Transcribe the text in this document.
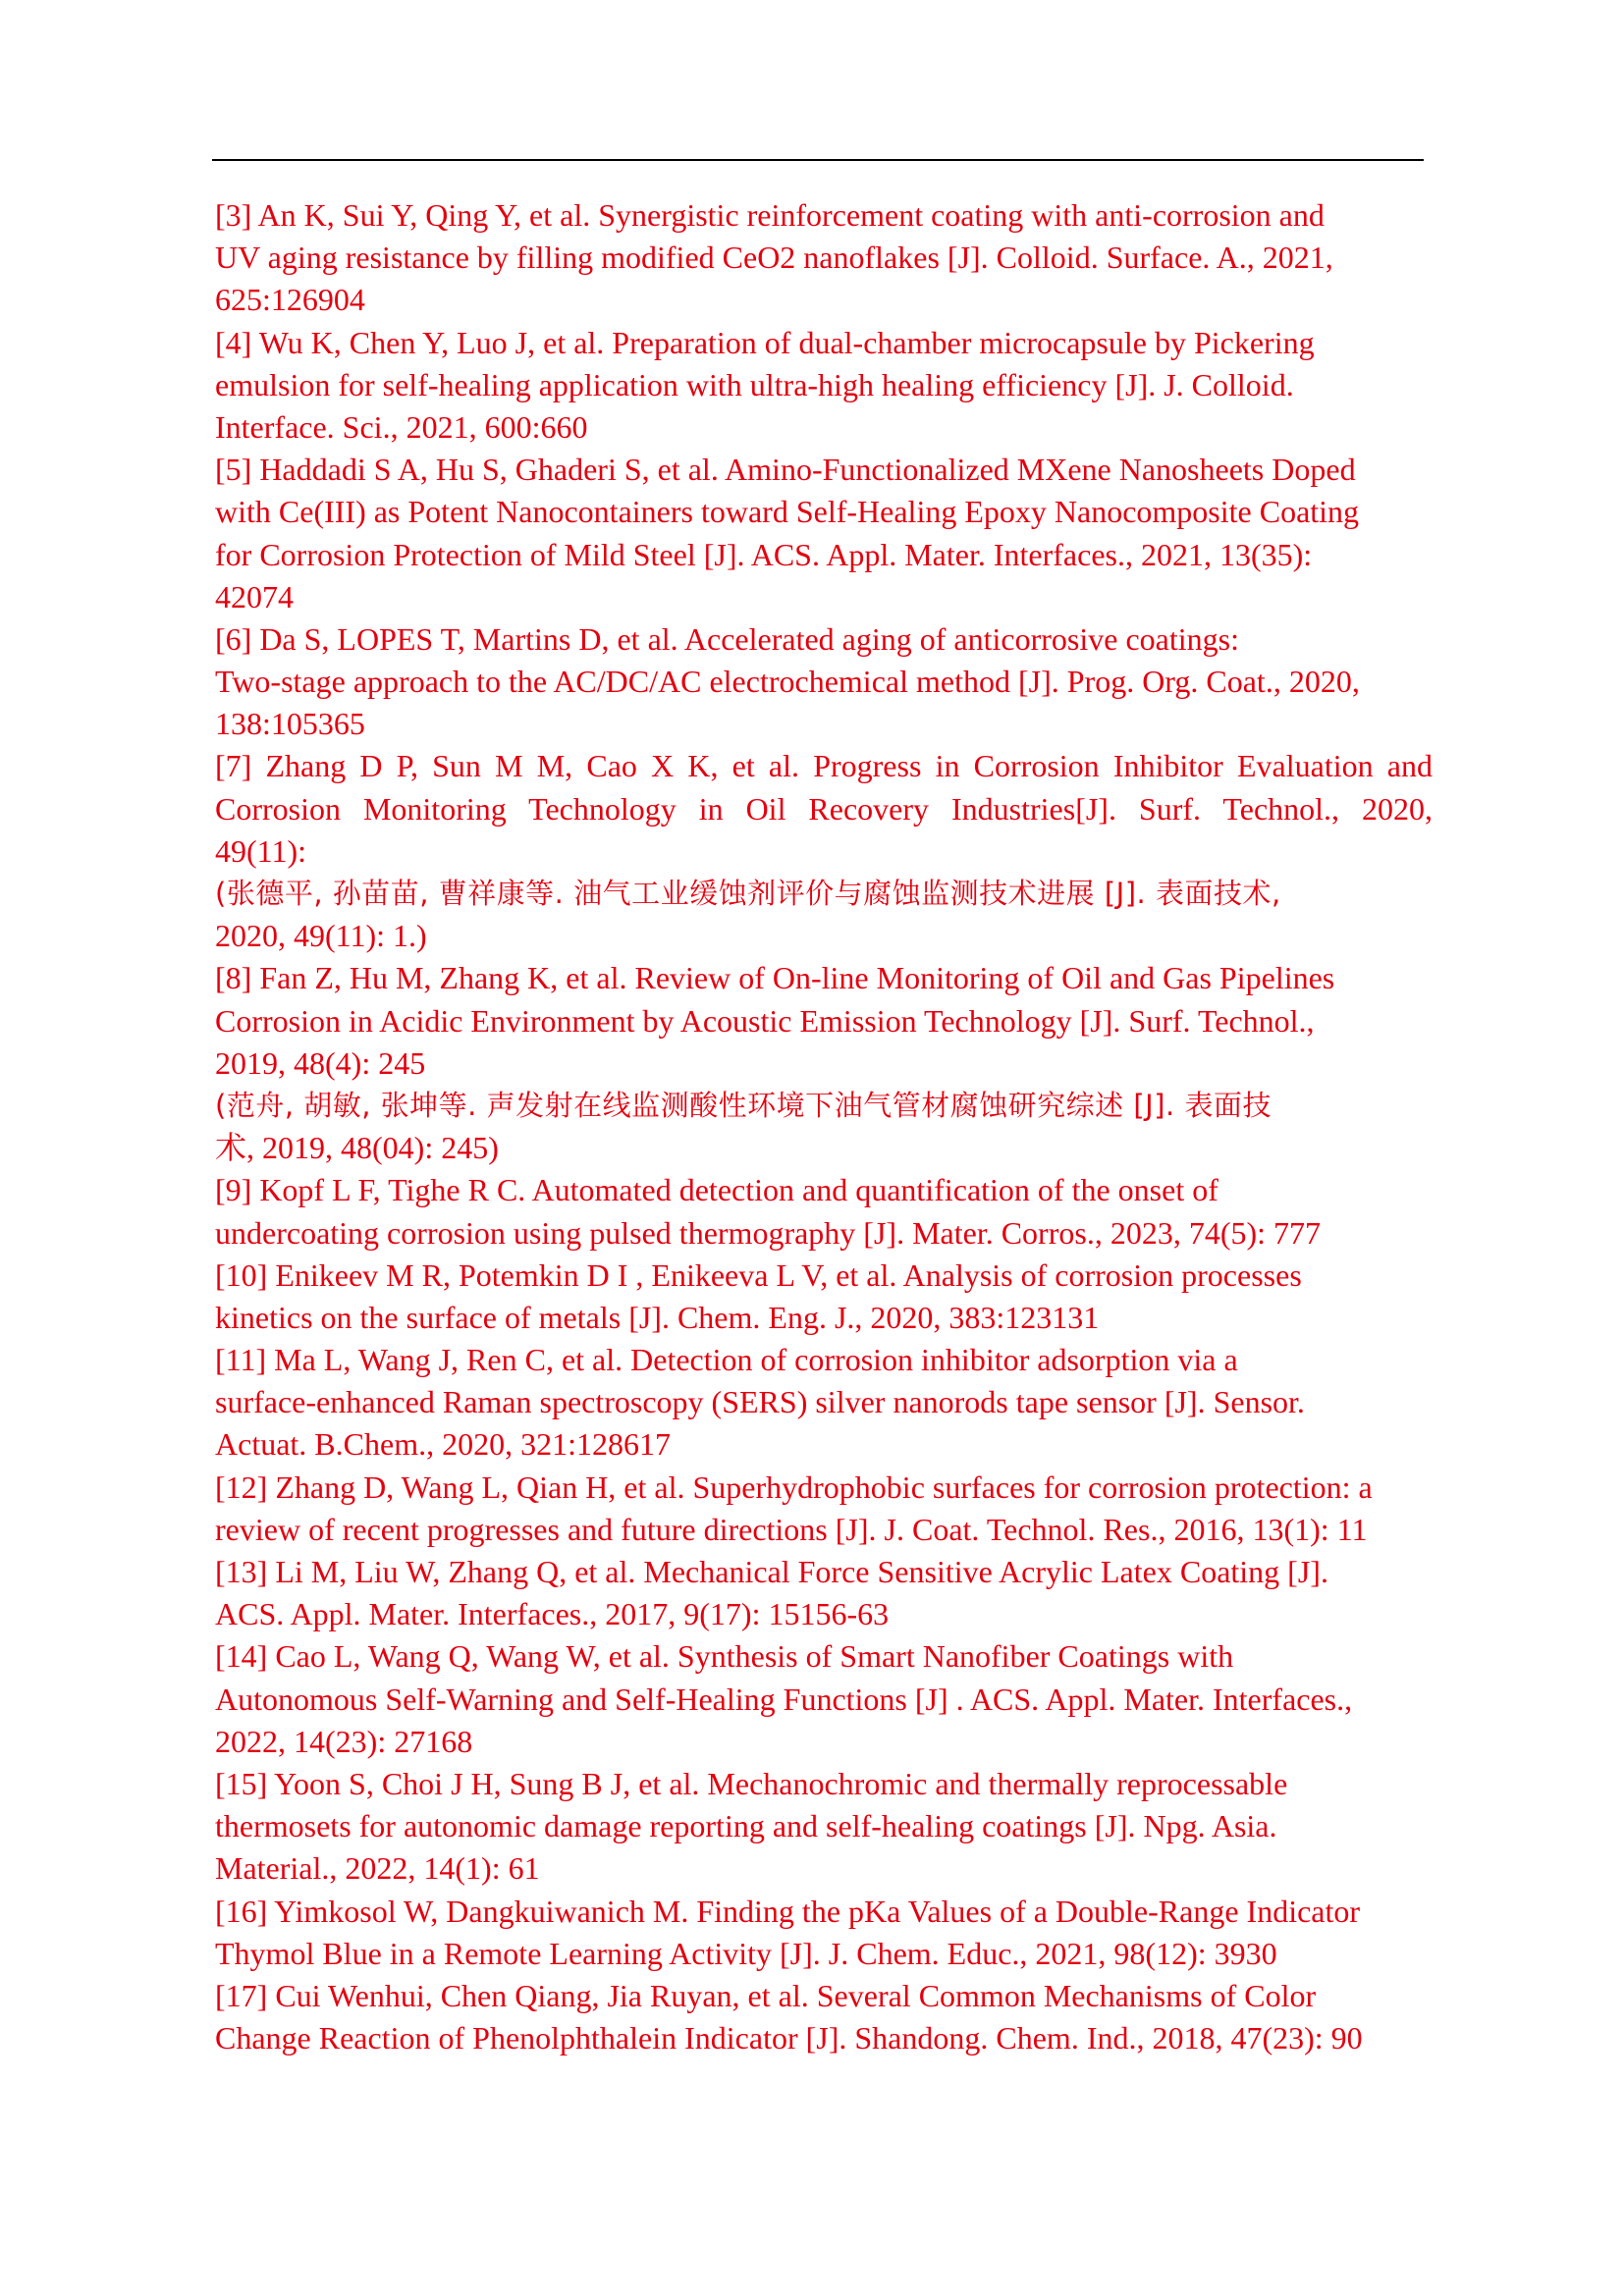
[3] An K, Sui Y, Qing Y, et al. Synergistic reinforcement coating with anti-corrosion and
UV aging resistance by filling modified CeO2 nanoflakes [J]. Colloid. Surface. A., 2021,
625:126904
[4] Wu K, Chen Y, Luo J, et al. Preparation of dual-chamber microcapsule by Pickering
emulsion for self-healing application with ultra-high healing efficiency [J]. J. Colloid.
Interface. Sci., 2021, 600:660
[5] Haddadi S A, Hu S, Ghaderi S, et al. Amino-Functionalized MXene Nanosheets Doped
with Ce(III) as Potent Nanocontainers toward Self-Healing Epoxy Nanocomposite Coating
for Corrosion Protection of Mild Steel [J]. ACS. Appl. Mater. Interfaces., 2021, 13(35):
42074
[6] Da S, LOPES T, Martins D, et al. Accelerated aging of anticorrosive coatings:
Two-stage approach to the AC/DC/AC electrochemical method [J]. Prog. Org. Coat., 2020,
138:105365
[7] Zhang D P, Sun M M, Cao X K, et al. Progress in Corrosion Inhibitor Evaluation and
Corrosion Monitoring Technology in Oil Recovery Industries[J]. Surf. Technol., 2020,
49(11):
(张德平, 孙苗苗, 曹祥康等. 油气工业缓蚀剂评价与腐蚀监测技术进展 [J]. 表面技术,
2020, 49(11): 1.)
[8] Fan Z, Hu M, Zhang K, et al. Review of On-line Monitoring of Oil and Gas Pipelines
Corrosion in Acidic Environment by Acoustic Emission Technology [J]. Surf. Technol.,
2019, 48(4): 245
(范舟, 胡敏, 张坤等. 声发射在线监测酸性环境下油气管材腐蚀研究综述 [J]. 表面技
术, 2019, 48(04): 245)
[9] Kopf L F, Tighe R C. Automated detection and quantification of the onset of
undercoating corrosion using pulsed thermography [J]. Mater. Corros., 2023, 74(5): 777
[10] Enikeev M R, Potemkin D I , Enikeeva L V, et al. Analysis of corrosion processes
kinetics on the surface of metals [J]. Chem. Eng. J., 2020, 383:123131
[11] Ma L, Wang J, Ren C, et al. Detection of corrosion inhibitor adsorption via a
surface-enhanced Raman spectroscopy (SERS) silver nanorods tape sensor [J]. Sensor.
Actuat. B.Chem., 2020, 321:128617
[12] Zhang D, Wang L, Qian H, et al. Superhydrophobic surfaces for corrosion protection: a
review of recent progresses and future directions [J]. J. Coat. Technol. Res., 2016, 13(1): 11
[13] Li M, Liu W, Zhang Q, et al. Mechanical Force Sensitive Acrylic Latex Coating [J].
ACS. Appl. Mater. Interfaces., 2017, 9(17): 15156-63
[14] Cao L, Wang Q, Wang W, et al. Synthesis of Smart Nanofiber Coatings with
Autonomous Self-Warning and Self-Healing Functions [J] . ACS. Appl. Mater. Interfaces.,
2022, 14(23): 27168
[15] Yoon S, Choi J H, Sung B J, et al. Mechanochromic and thermally reprocessable
thermosets for autonomic damage reporting and self-healing coatings [J]. Npg. Asia.
Material., 2022, 14(1): 61
[16] Yimkosol W, Dangkuiwanich M. Finding the pKa Values of a Double-Range Indicator
Thymol Blue in a Remote Learning Activity [J]. J. Chem. Educ., 2021, 98(12): 3930
[17] Cui Wenhui, Chen Qiang, Jia Ruyan, et al. Several Common Mechanisms of Color
Change Reaction of Phenolphthalein Indicator [J]. Shandong. Chem. Ind., 2018, 47(23): 90
